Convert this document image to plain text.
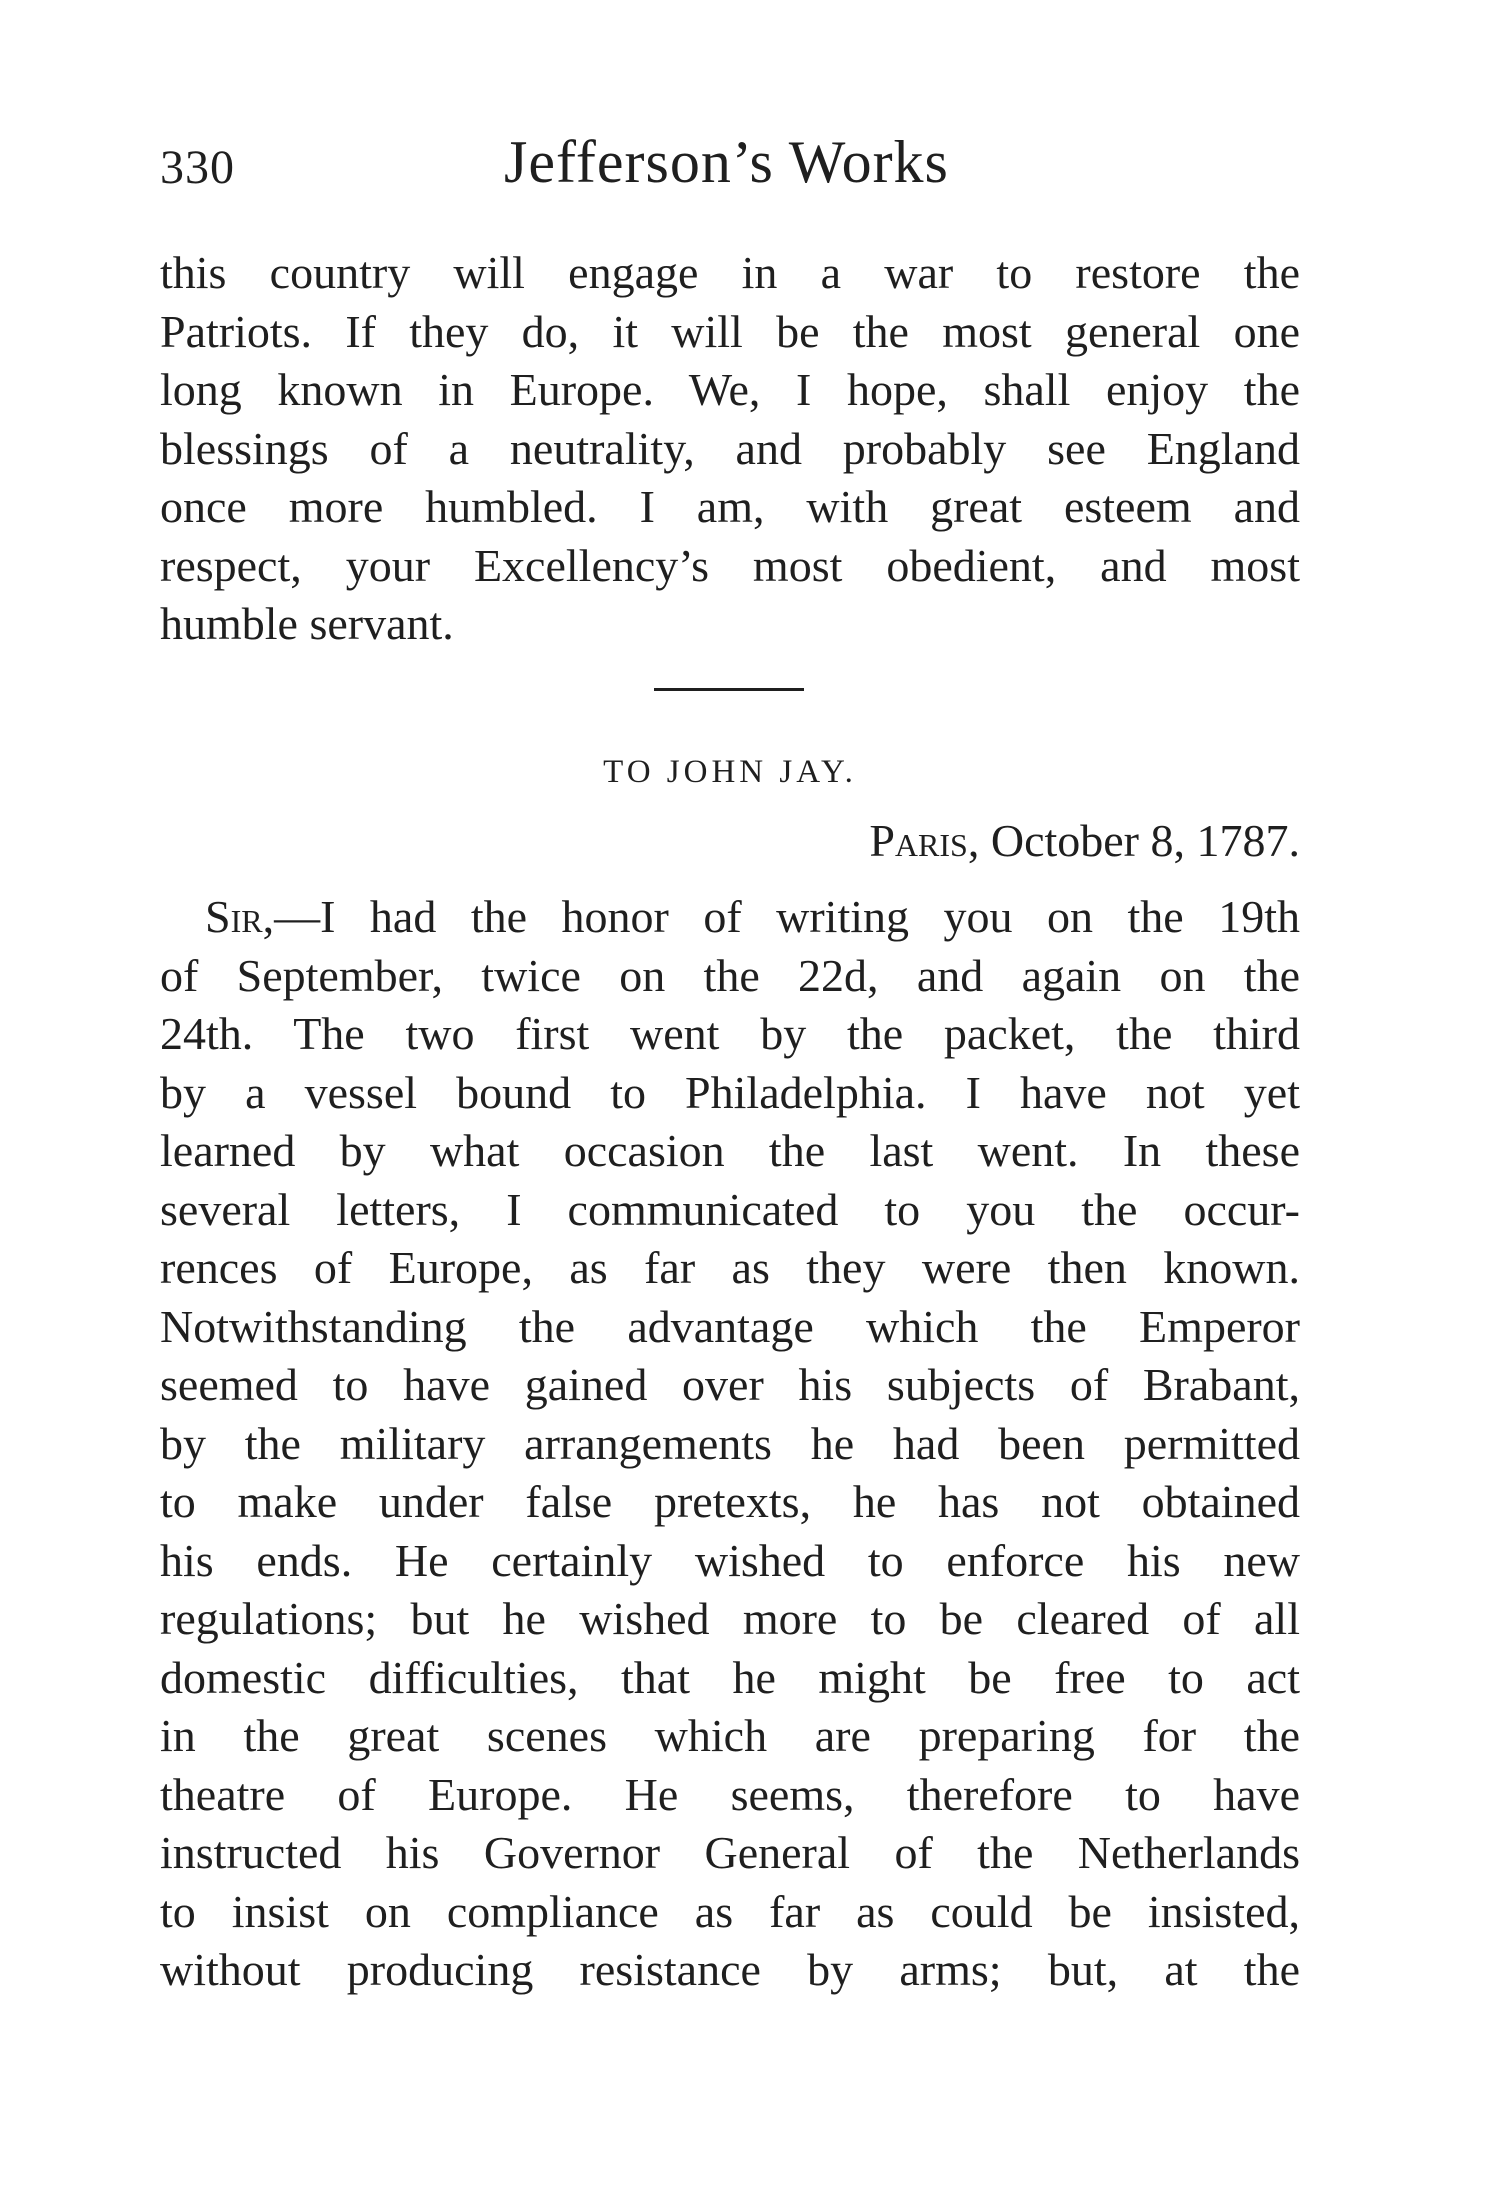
330	Jefferson’s Works
this country will engage in a war to restore the
Patriots. If they do, it will be the most general one
long known in Europe. We, I hope, shall enjoy the
blessings of a neutrality, and probably see England
once more humbled. I am, with great esteem and
respect, your Excellency’s most obedient, and most
humble servant.
TO JOHN JAY.
Paris, October 8, 1787.
Sir,—I had the honor of writing you on the 19th
of September, twice on the 22d, and again on the
24th. The two first went by the packet, the third
by a vessel bound to Philadelphia. I have not yet
learned by what occasion the last went. In these
several letters, I communicated to you the occur-
rences of Europe, as far as they were then known.
Notwithstanding the advantage which the Emperor
seemed to have gained over his subjects of Brabant,
by the military arrangements he had been permitted
to make under false pretexts, he has not obtained
his ends. He certainly wished to enforce his new
regulations; but he wished more to be cleared of all
domestic difficulties, that he might be free to act
in the great scenes which are preparing for the
theatre of Europe. He seems, therefore to have
instructed his Governor General of the Netherlands
to insist on compliance as far as could be insisted,
without producing resistance by arms; but, at the
